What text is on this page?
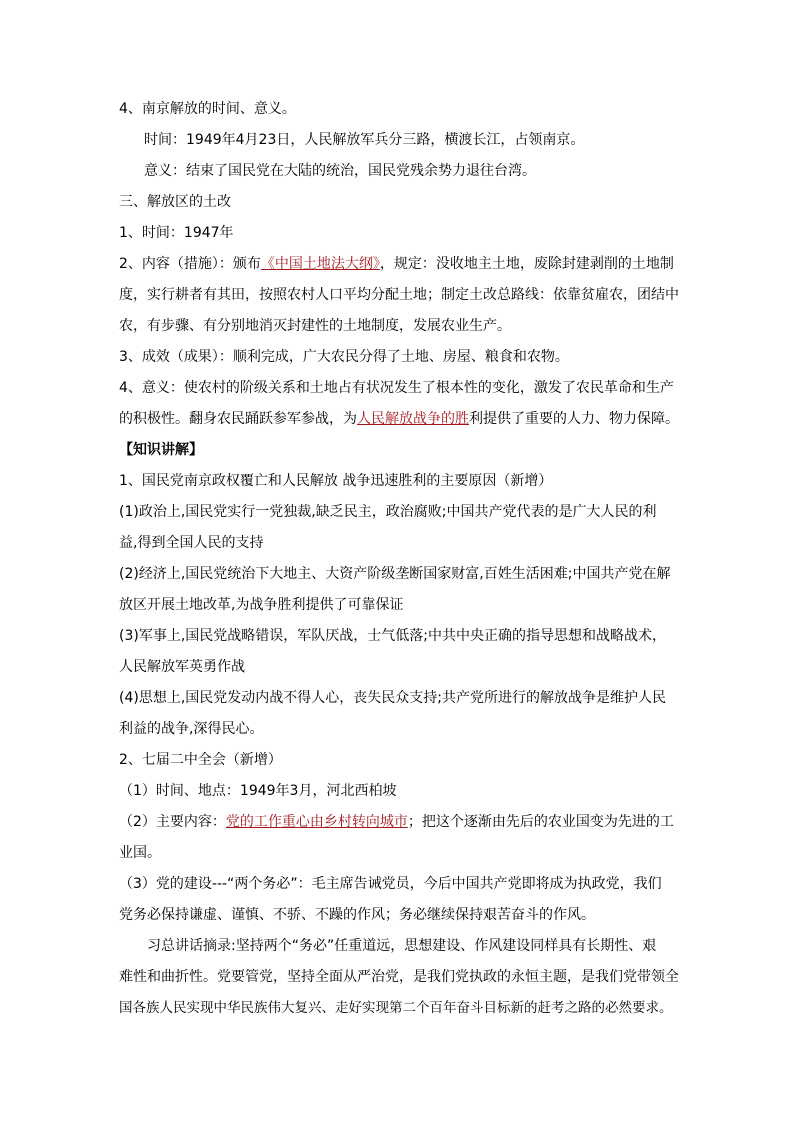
4、南京解放的时间、意义。
时间：1949年4月23日，人民解放军兵分三路，横渡长江，占领南京。
意义：结束了国民党在大陆的统治，国民党残余势力退往台湾。
三、解放区的土改
1、时间：1947年
2、内容（措施）：颁布《中国土地法大纲》，规定：没收地主土地，废除封建剥削的土地制
度，实行耕者有其田，按照农村人口平均分配土地；制定土改总路线：依靠贫雇农，团结中
农，有步骤、有分别地消灭封建性的土地制度，发展农业生产。
3、成效（成果）：顺利完成，广大农民分得了土地、房屋、粮食和农物。
4、意义：使农村的阶级关系和土地占有状况发生了根本性的变化，激发了农民革命和生产
的积极性。翻身农民踊跃参军参战，为人民解放战争的胜利提供了重要的人力、物力保障。
【知识讲解】
1、国民党南京政权覆亡和人民解放 战争迅速胜利的主要原因（新增）
(1)政治上,国民党实行一党独裁,缺乏民主，政治腐败;中国共产党代表的是广大人民的利
益,得到全国人民的支持
(2)经济上,国民党统治下大地主、大资产阶级垄断国家财富,百姓生活困难;中国共产党在解
放区开展土地改革,为战争胜利提供了可靠保证
(3)军事上,国民党战略错误，军队厌战，士气低落;中共中央正确的指导思想和战略战术，
人民解放军英勇作战
(4)思想上,国民党发动内战不得人心，丧失民众支持;共产党所进行的解放战争是维护人民
利益的战争,深得民心。
2、七届二中全会（新增）
（1）时间、地点：1949年3月，河北西柏坡
（2）主要内容：党的工作重心由乡村转向城市；把这个逐渐由先后的农业国变为先进的工
业国。
（3）党的建设---“两个务必”：毛主席告诫党员，今后中国共产党即将成为执政党，我们
党务必保持谦虚、谨慎、不骄、不躁的作风；务必继续保持艰苦奋斗的作风。
习总讲话摘录:坚持两个“务必”任重道远，思想建设、作风建设同样具有长期性、艰
难性和曲折性。党要管党，坚持全面从严治党，是我们党执政的永恒主题，是我们党带领全
国各族人民实现中华民族伟大复兴、走好实现第二个百年奋斗目标新的赶考之路的必然要求。
